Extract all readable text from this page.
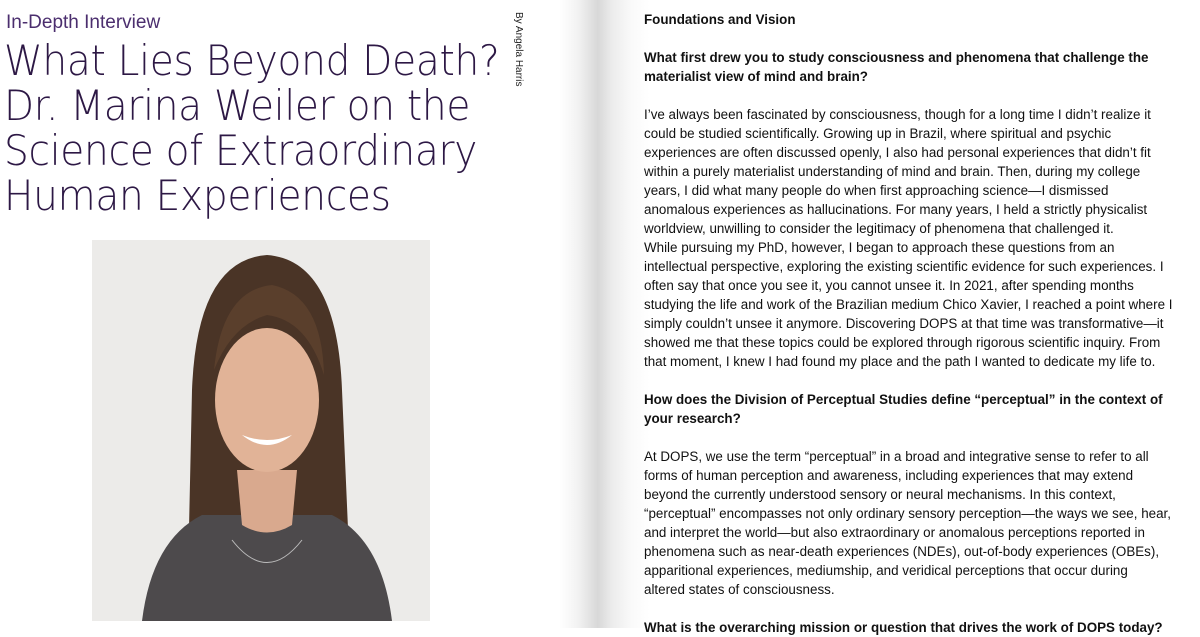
In-Depth Interview
What Lies Beyond Death?
Dr. Marina Weiler on the
Science of Extraordinary
Human Experiences
By Angela Harris	Foundations and Vision
What first drew you to study consciousness and phenomena that challenge the
materialist view of mind and brain?
I’ve always been fascinated by consciousness, though for a long time I didn’t realize it
could be studied scientifically. Growing up in Brazil, where spiritual and psychic
experiences are often discussed openly, I also had personal experiences that didn’t fit
within a purely materialist understanding of mind and brain. Then, during my college
years, I did what many people do when first approaching science—I dismissed
anomalous experiences as hallucinations. For many years, I held a strictly physicalist
worldview, unwilling to consider the legitimacy of phenomena that challenged it.
While pursuing my PhD, however, I began to approach these questions from an
intellectual perspective, exploring the existing scientific evidence for such experiences. I
often say that once you see it, you cannot unsee it. In 2021, after spending months
studying the life and work of the Brazilian medium Chico Xavier, I reached a point where I
simply couldn’t unsee it anymore. Discovering DOPS at that time was transformative—it
showed me that these topics could be explored through rigorous scientific inquiry. From
that moment, I knew I had found my place and the path I wanted to dedicate my life to.
How does the Division of Perceptual Studies define “perceptual” in the context of
your research?
At DOPS, we use the term “perceptual” in a broad and integrative sense to refer to all
forms of human perception and awareness, including experiences that may extend
beyond the currently understood sensory or neural mechanisms. In this context,
“perceptual” encompasses not only ordinary sensory perception—the ways we see, hear,
and interpret the world—but also extraordinary or anomalous perceptions reported in
phenomena such as near-death experiences (NDEs), out-of-body experiences (OBEs),
apparitional experiences, mediumship, and veridical perceptions that occur during
altered states of consciousness.
What is the overarching mission or question that drives the work of DOPS today?
